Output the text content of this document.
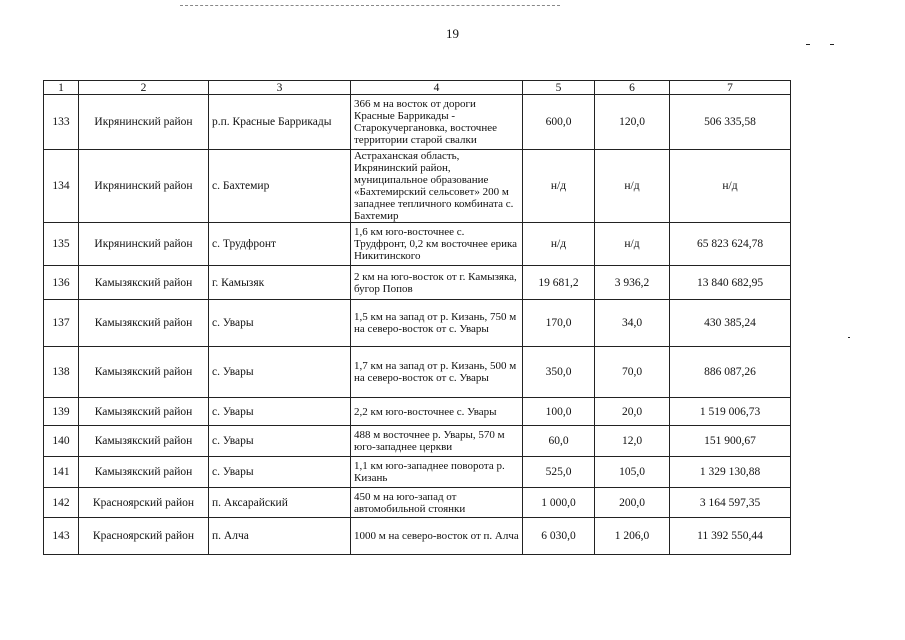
19
1	2	3	4	5	6	7
133	Икрянинский район	р.п. Красные Баррикады	366 м на восток от дороги Красные Баррикады - Старокучергановка, восточнее территории старой свалки	600,0	120,0	506 335,58
134	Икрянинский район	с. Бахтемир	Астраханская область, Икрянинский район, муниципальное образование «Бахтемирский сельсовет» 200 м западнее тепличного комбината с. Бахтемир	н/д	н/д	н/д
135	Икрянинский район	с. Трудфронт	1,6 км юго-восточнее с. Трудфронт, 0,2 км восточнее ерика Никитинского	н/д	н/д	65 823 624,78
136	Камызякский район	г. Камызяк	2 км на юго-восток от г. Камызяка, бугор Попов	19 681,2	3 936,2	13 840 682,95
137	Камызякский район	с. Увары	1,5 км на запад от р. Кизань, 750 м на северо-восток от с. Увары	170,0	34,0	430 385,24
138	Камызякский район	с. Увары	1,7 км на запад от р. Кизань, 500 м на северо-восток от с. Увары	350,0	70,0	886 087,26
139	Камызякский район	с. Увары	2,2 км юго-восточнее с. Увары	100,0	20,0	1 519 006,73
140	Камызякский район	с. Увары	488 м восточнее р. Увары, 570 м юго-западнее церкви	60,0	12,0	151 900,67
141	Камызякский район	с. Увары	1,1 км юго-западнее поворота р. Кизань	525,0	105,0	1 329 130,88
142	Красноярский район	п. Аксарайский	450 м на юго-запад от автомобильной стоянки	1 000,0	200,0	3 164 597,35
143	Красноярский район	п. Алча	1000 м на северо-восток от п. Алча	6 030,0	1 206,0	11 392 550,44
